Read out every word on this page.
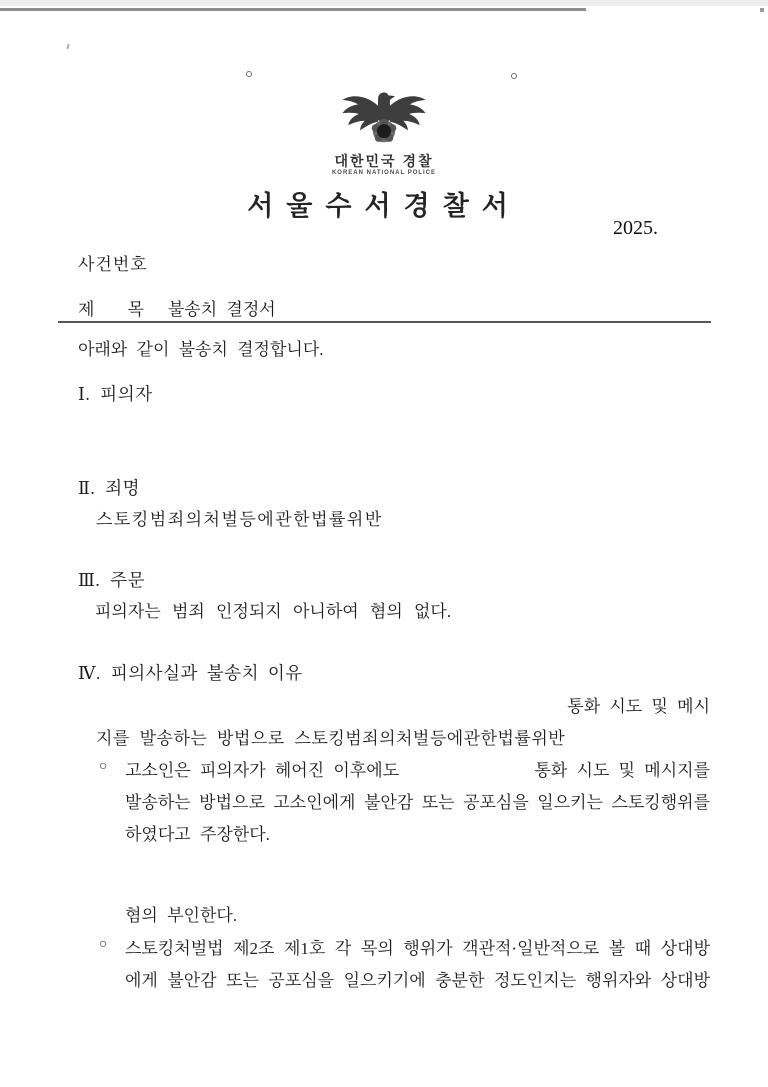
대한민국 경찰
KOREAN NATIONAL POLICE
서울수서경찰서
2025.
사건번호
제 목 불송치 결정서
아래와 같이 불송치 결정합니다.
Ⅰ. 피의자
Ⅱ. 죄명
스토킹범죄의처벌등에관한법률위반
Ⅲ. 주문
피의자는 범죄 인정되지 아니하여 혐의 없다.
Ⅳ. 피의사실과 불송치 이유
통화 시도 및 메시
지를 발송하는 방법으로 스토킹범죄의처벌등에관한법률위반
○ 고소인은 피의자가 헤어진 이후에도	통화 시도 및 메시지를
발송하는 방법으로 고소인에게 불안감 또는 공포심을 일으키는 스토킹행위를
하였다고 주장한다.
혐의 부인한다.
○ 스토킹처벌법 제2조 제1호 각 목의 행위가 객관적·일반적으로 볼 때 상대방
에게 불안감 또는 공포심을 일으키기에 충분한 정도인지는 행위자와 상대방
